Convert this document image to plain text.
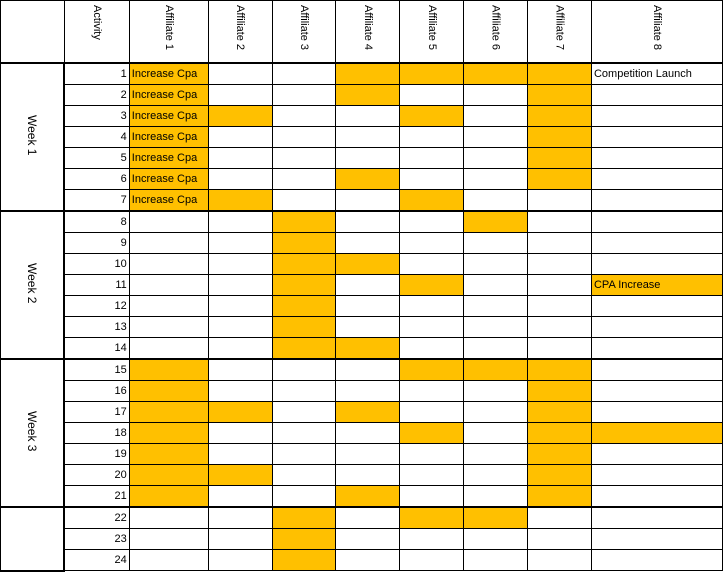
	Activity	Affiliate 1	Affiliate 2	Affiliate 3	Affiliate 4	Affiliate 5	Affiliate 6	Affiliate 7	Affiliate 8
Week 1	1	Increase Cpa							Competition Launch
	2	Increase Cpa							
	3	Increase Cpa							
	4	Increase Cpa							
	5	Increase Cpa							
	6	Increase Cpa							
	7	Increase Cpa							
Week 2	8								
	9								
	10								
	11								CPA Increase
	12								
	13								
	14								
Week 3	15								
	16								
	17								
	18								
	19								
	20								
	21								
	22								
	23								
	24								
